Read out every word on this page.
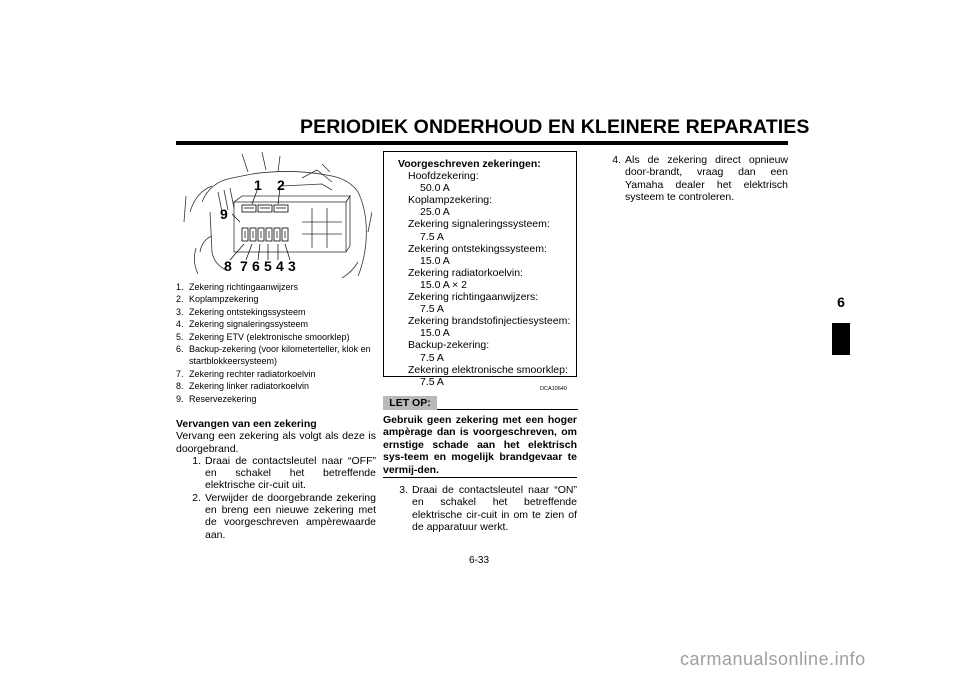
PERIODIEK ONDERHOUD EN KLEINERE REPARATIES
6
1 2
9
8 7 6 5 4 3
1. Zekering richtingaanwijzers
2. Koplampzekering
3. Zekering ontstekingssysteem
4. Zekering signaleringssysteem
5. Zekering ETV (elektronische smoorklep)
6. Backup-zekering (voor kilometerteller, klok en startblokkeersysteem)
7. Zekering rechter radiatorkoelvin
8. Zekering linker radiatorkoelvin
9. Reservezekering
Vervangen van een zekering
Vervang een zekering als volgt als deze is doorgebrand.
1. Draai de contactsleutel naar “OFF” en schakel het betreffende elektrische cir-cuit uit.
2. Verwijder de doorgebrande zekering en breng een nieuwe zekering met de voorgeschreven ampèrewaarde aan.
Voorgeschreven zekeringen:
Hoofdzekering:
50.0 A
Koplampzekering:
25.0 A
Zekering signaleringssysteem:
7.5 A
Zekering ontstekingssysteem:
15.0 A
Zekering radiatorkoelvin:
15.0 A × 2
Zekering richtingaanwijzers:
7.5 A
Zekering brandstofinjectiesysteem:
15.0 A
Backup-zekering:
7.5 A
Zekering elektronische smoorklep:
7.5 A
DCA10640
LET OP:
Gebruik geen zekering met een hoger ampèrage dan is voorgeschreven, om ernstige schade aan het elektrisch sys-teem en mogelijk brandgevaar te vermij-den.
3. Draai de contactsleutel naar “ON” en schakel het betreffende elektrische cir-cuit in om te zien of de apparatuur werkt.
4. Als de zekering direct opnieuw door-brandt, vraag dan een Yamaha dealer het elektrisch systeem te controleren.
6-33
carmanualsonline.info
